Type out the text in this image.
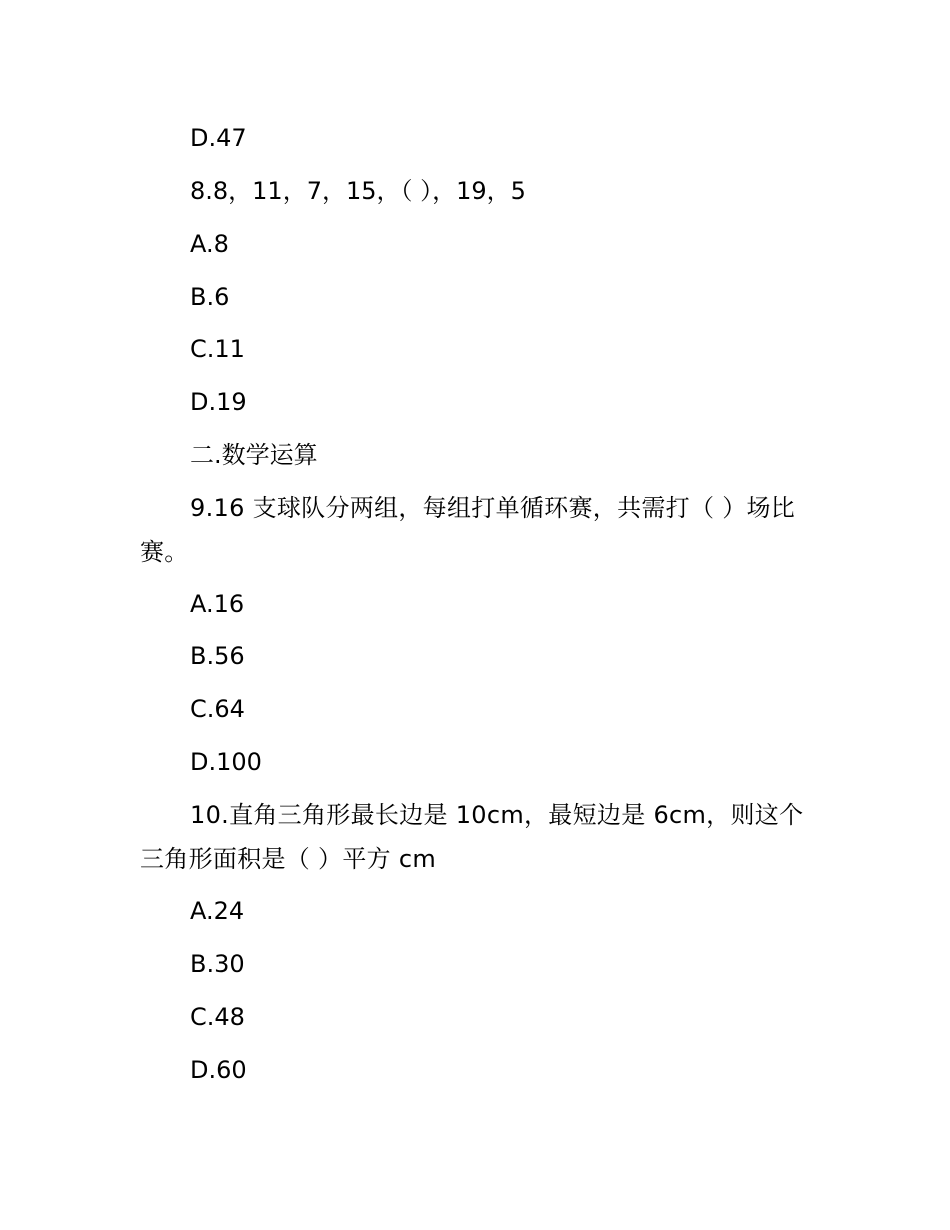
D.47
8.8，11，7，15，（ ），19，5
A.8
B.6
C.11
D.19
二.数学运算
9.16 支球队分两组，每组打单循环赛，共需打（ ）场比赛。
A.16
B.56
C.64
D.100
10.直角三角形最长边是 10cm，最短边是 6cm，则这个三角形面积是（ ）平方 cm
A.24
B.30
C.48
D.60
